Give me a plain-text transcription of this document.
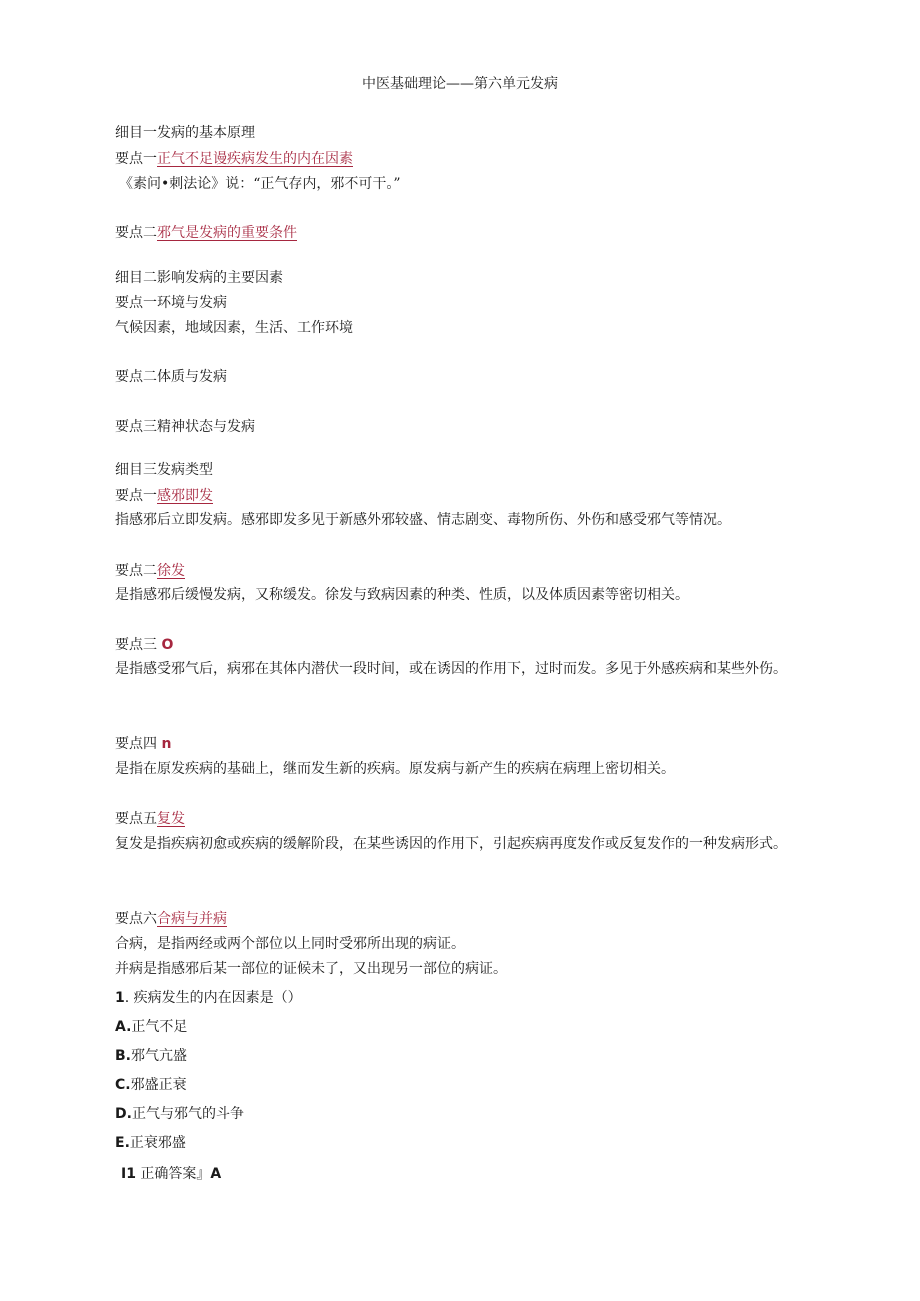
中医基础理论——第六单元发病
细目一发病的基本原理
要点一正气不足谩疾病发生的内在因素
《素问•刺法论》说：“正气存内，邪不可干。”
要点二邪气是发病的重要条件
细目二影响发病的主要因素
要点一环境与发病
气候因素，地域因素，生活、工作环境
要点二体质与发病
要点三精神状态与发病
细目三发病类型
要点一感邪即发
指感邪后立即发病。感邪即发多见于新感外邪较盛、情志剧变、毒物所伤、外伤和感受邪气等情况。
要点二徐发
是指感邪后缓慢发病，又称缓发。徐发与致病因素的种类、性质，以及体质因素等密切相关。
要点三 O
是指感受邪气后，病邪在其体内潜伏一段时间，或在诱因的作用下，过时而发。多见于外感疾病和某些外伤。
要点四 n
是指在原发疾病的基础上，继而发生新的疾病。原发病与新产生的疾病在病理上密切相关。
要点五复发
复发是指疾病初愈或疾病的缓解阶段，在某些诱因的作用下，引起疾病再度发作或反复发作的一种发病形式。
要点六合病与并病
合病，是指两经或两个部位以上同时受邪所出现的病证。
并病是指感邪后某一部位的证候未了，又出现另一部位的病证。
1. 疾病发生的内在因素是（）
A.正气不足
B.邪气亢盛
C.邪盛正衰
D.正气与邪气的斗争
E.正衰邪盛
I1 正确答案』A
